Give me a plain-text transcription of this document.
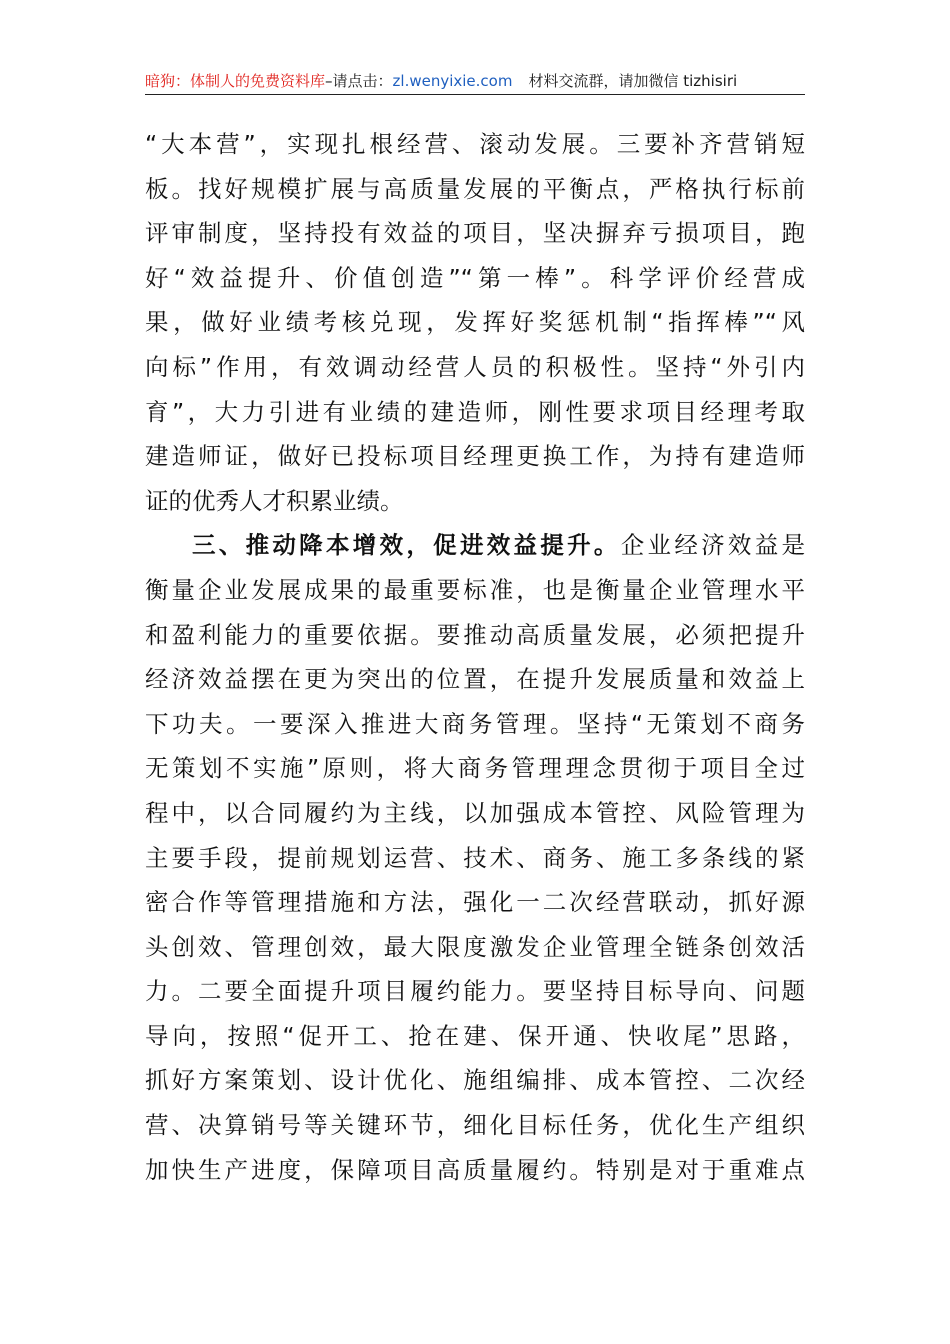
暗狗：体制人的免费资料库–请点击：zl.wenyixie.com 材料交流群，请加微信 tizhisiri
“大本营”，实现扎根经营、滚动发展。三要补齐营销短
板。找好规模扩展与高质量发展的平衡点，严格执行标前
评审制度，坚持投有效益的项目，坚决摒弃亏损项目，跑
好“效益提升、价值创造”“第一棒”。科学评价经营成
果，做好业绩考核兑现，发挥好奖惩机制“指挥棒”“风
向标”作用，有效调动经营人员的积极性。坚持“外引内
育”，大力引进有业绩的建造师，刚性要求项目经理考取
建造师证，做好已投标项目经理更换工作，为持有建造师
证的优秀人才积累业绩。
三、推动降本增效，促进效益提升。企业经济效益是
衡量企业发展成果的最重要标准，也是衡量企业管理水平
和盈利能力的重要依据。要推动高质量发展，必须把提升
经济效益摆在更为突出的位置，在提升发展质量和效益上
下功夫。一要深入推进大商务管理。坚持“无策划不商务
无策划不实施”原则，将大商务管理理念贯彻于项目全过
程中，以合同履约为主线，以加强成本管控、风险管理为
主要手段，提前规划运营、技术、商务、施工多条线的紧
密合作等管理措施和方法，强化一二次经营联动，抓好源
头创效、管理创效，最大限度激发企业管理全链条创效活
力。二要全面提升项目履约能力。要坚持目标导向、问题
导向，按照“促开工、抢在建、保开通、快收尾”思路，
抓好方案策划、设计优化、施组编排、成本管控、二次经
营、决算销号等关键环节，细化目标任务，优化生产组织
加快生产进度，保障项目高质量履约。特别是对于重难点
